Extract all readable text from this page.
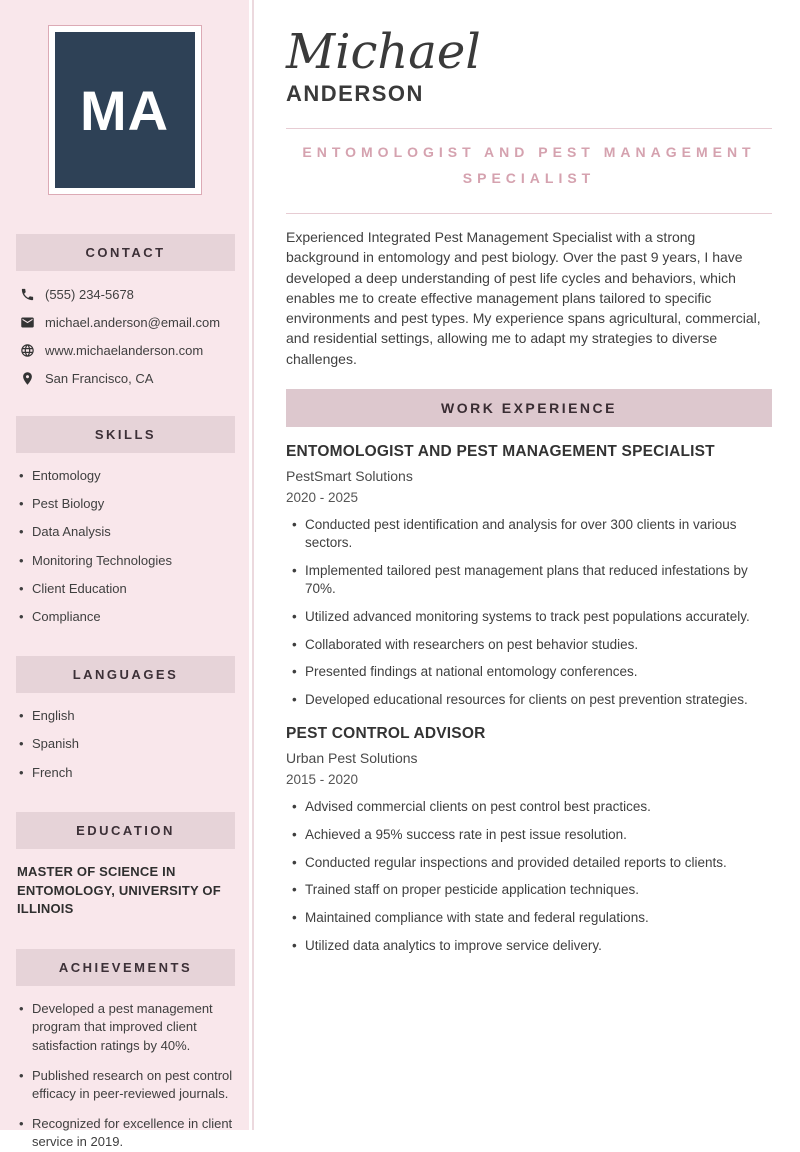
MA
CONTACT
(555) 234-5678
michael.anderson@email.com
www.michaelanderson.com
San Francisco, CA
SKILLS
• Entomology
• Pest Biology
• Data Analysis
• Monitoring Technologies
• Client Education
• Compliance
LANGUAGES
• English
• Spanish
• French
EDUCATION
MASTER OF SCIENCE IN ENTOMOLOGY, UNIVERSITY OF ILLINOIS
ACHIEVEMENTS
• Developed a pest management program that improved client satisfaction ratings by 40%.
• Published research on pest control efficacy in peer-reviewed journals.
• Recognized for excellence in client service in 2019.
Michael
ANDERSON
ENTOMOLOGIST AND PEST MANAGEMENT SPECIALIST

Experienced Integrated Pest Management Specialist with a strong background in entomology and pest biology. Over the past 9 years, I have developed a deep understanding of pest life cycles and behaviors, which enables me to create effective management plans tailored to specific environments and pest types. My experience spans agricultural, commercial, and residential settings, allowing me to adapt my strategies to diverse challenges.

WORK EXPERIENCE
ENTOMOLOGIST AND PEST MANAGEMENT SPECIALIST
PestSmart Solutions
2020 - 2025
• Conducted pest identification and analysis for over 300 clients in various sectors.
• Implemented tailored pest management plans that reduced infestations by 70%.
• Utilized advanced monitoring systems to track pest populations accurately.
• Collaborated with researchers on pest behavior studies.
• Presented findings at national entomology conferences.
• Developed educational resources for clients on pest prevention strategies.
PEST CONTROL ADVISOR
Urban Pest Solutions
2015 - 2020
• Advised commercial clients on pest control best practices.
• Achieved a 95% success rate in pest issue resolution.
• Conducted regular inspections and provided detailed reports to clients.
• Trained staff on proper pesticide application techniques.
• Maintained compliance with state and federal regulations.
• Utilized data analytics to improve service delivery.
